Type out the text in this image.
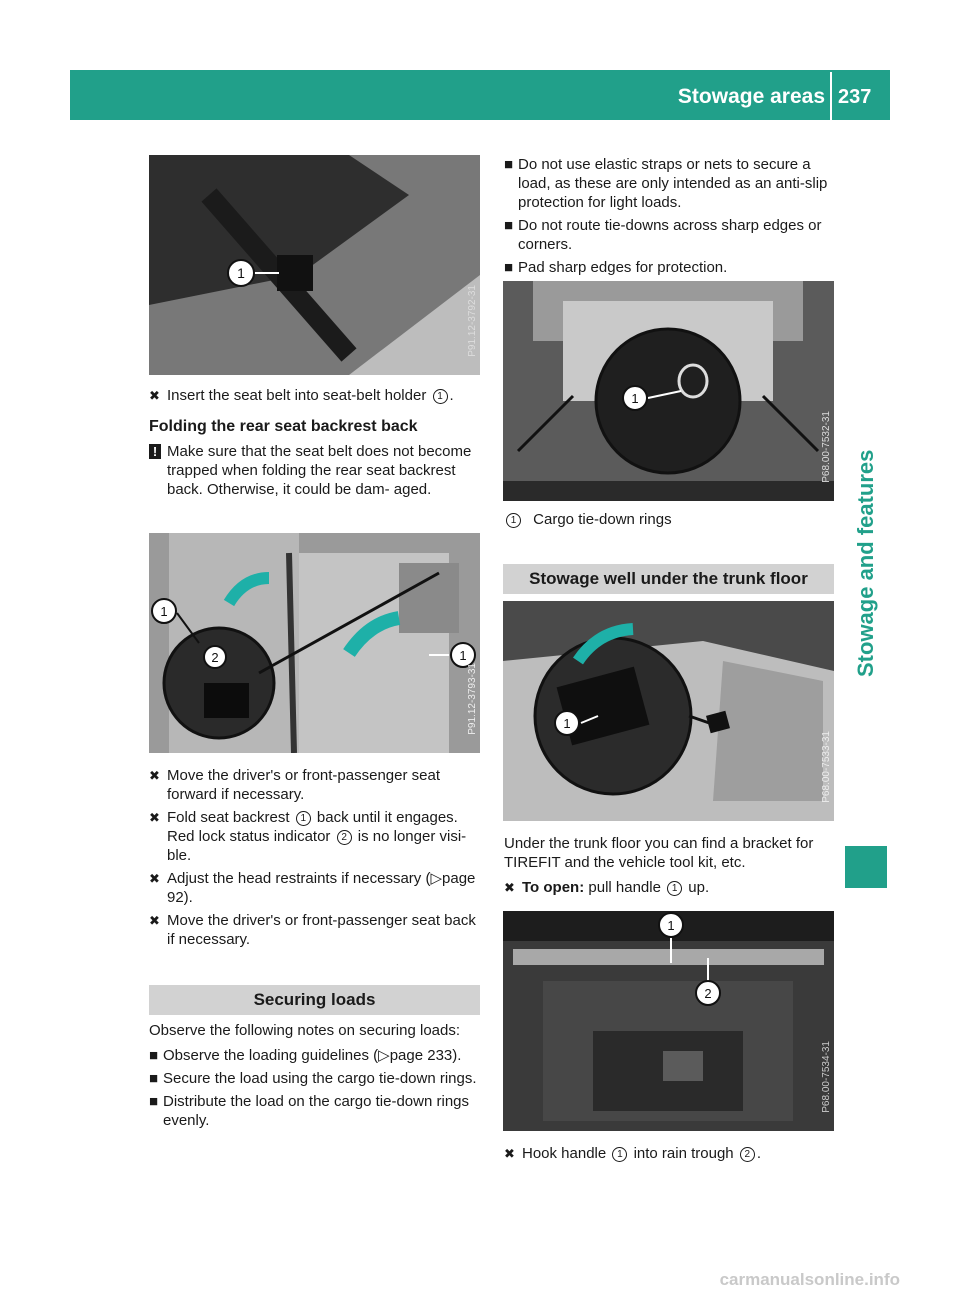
Stowage areas 237
Stowage and features
1
P91.12-3792-31
✖ Insert the seat belt into seat-belt holder 1 .
Folding the rear seat backrest back
! Make sure that the seat belt does not become trapped when folding the rear seat backrest back. Otherwise, it could be dam- aged.
1
2	1
P91.12-3793-31
✖ Move the driver's or front-passenger seat forward if necessary.
✖ Fold seat backrest 1 back until it engages. Red lock status indicator 2 is no longer visi- ble.
✖ Adjust the head restraints if necessary (▷page 92).
✖ Move the driver's or front-passenger seat back if necessary.
Securing loads
Observe the following notes on securing loads:
■ Observe the loading guidelines (▷page 233).
■ Secure the load using the cargo tie-down rings.
■ Distribute the load on the cargo tie-down rings evenly.
■ Do not use elastic straps or nets to secure a load, as these are only intended as an anti-slip protection for light loads.
■ Do not route tie-downs across sharp edges or corners.
■ Pad sharp edges for protection.
1
P68.00-7532-31
1 Cargo tie-down rings
Stowage well under the trunk floor
1
P68.00-7533-31
Under the trunk floor you can find a bracket for TIREFIT and the vehicle tool kit, etc.
✖ To open: pull handle 1 up.
1
2
P68.00-7534-31
✖ Hook handle 1 into rain trough 2 .
carmanualsonline.info
